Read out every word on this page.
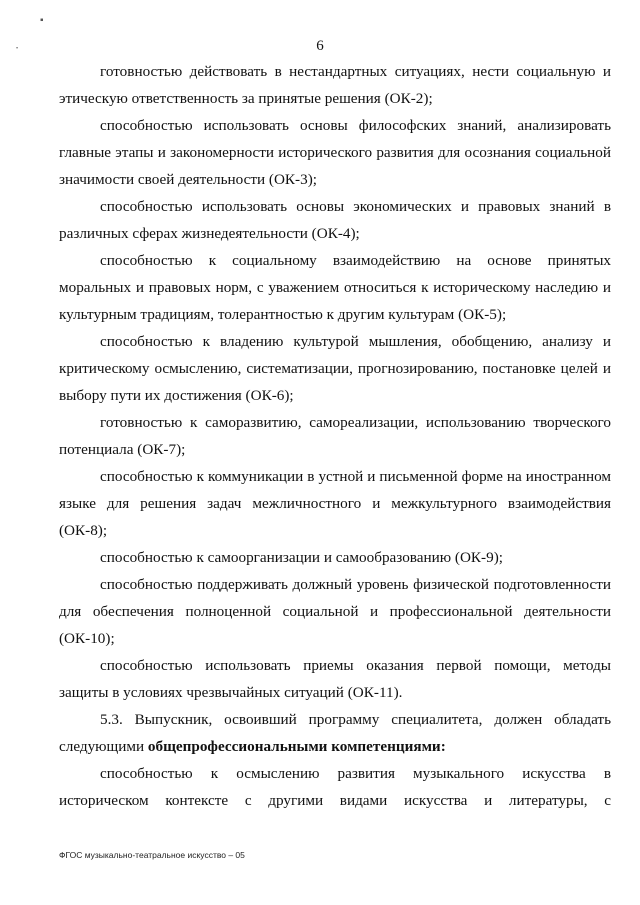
▪
•	6

готовностью действовать в нестандартных ситуациях, нести социальную и этическую ответственность за принятые решения (ОК-2);

способностью использовать основы философских знаний, анализировать главные этапы и закономерности исторического развития для осознания социальной значимости своей деятельности (ОК-3);

способностью использовать основы экономических и правовых знаний в различных сферах жизнедеятельности (ОК-4);

способностью к социальному взаимодействию на основе принятых моральных и правовых норм, с уважением относиться к историческому наследию и культурным традициям, толерантностью к другим культурам (ОК-5);

способностью к владению культурой мышления, обобщению, анализу и критическому осмыслению, систематизации, прогнозированию, постановке целей и выбору пути их достижения (ОК-6);

готовностью к саморазвитию, самореализации, использованию творческого потенциала (ОК-7);

способностью к коммуникации в устной и письменной форме на иностранном языке для решения задач межличностного и межкультурного взаимодействия (ОК-8);

способностью к самоорганизации и самообразованию (ОК-9);

способностью поддерживать должный уровень физической подготовленности для обеспечения полноценной социальной и профессиональной деятельности (ОК-10);

способностью использовать приемы оказания первой помощи, методы защиты в условиях чрезвычайных ситуаций (ОК-11).

5.3. Выпускник, освоивший программу специалитета, должен обладать следующими общепрофессиональными компетенциями:

способностью к осмыслению развития музыкального искусства в историческом контексте с другими видами искусства и литературы, с

ФГОС музыкально-театральное искусство – 05
